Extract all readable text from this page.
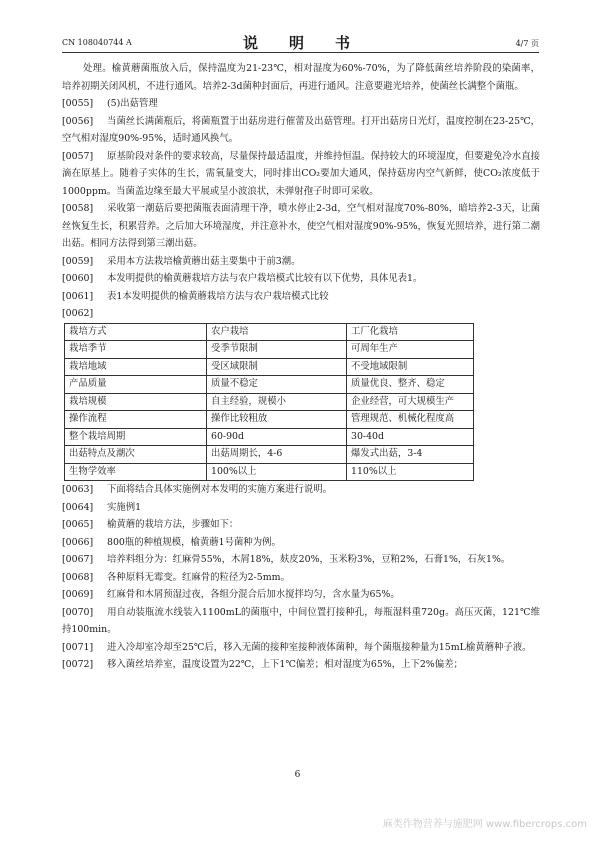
CN 108040744 A	说　明　书	4/7 页

处理。榆黄蘑菌瓶放入后，保持温度为21-23℃，相对湿度为60%-70%，为了降低菌丝培养阶段的染菌率，培养初期关闭风机，不进行通风。培养2-3d菌种封面后，再进行通风。注意要避光培养，使菌丝长满整个菌瓶。

[0055] (5)出菇管理

[0056] 当菌丝长满菌瓶后，将菌瓶置于出菇房进行催蕾及出菇管理。打开出菇房日光灯，温度控制在23-25℃，空气相对湿度90%-95%，适时通风换气。

[0057] 原基阶段对条件的要求较高，尽量保持最适温度，并维持恒温。保持较大的环境湿度，但要避免冷水直接滴在原基上。随着子实体的生长，需氧量变大，同时排出CO₂要加大通风，保持菇房内空气新鲜，使CO₂浓度低于1000ppm。当菌盖边缘至最大平展或呈小波浪状，未弹射孢子时即可采收。

[0058] 采收第一潮菇后要把菌瓶表面清理干净，喷水停止2-3d，空气相对湿度70%-80%，暗培养2-3天，让菌丝恢复生长，积累营养。之后加大环境湿度，并注意补水，使空气相对湿度90%-95%，恢复光照培养，进行第二潮出菇。相同方法得到第三潮出菇。

[0059] 采用本方法栽培榆黄蘑出菇主要集中于前3潮。

[0060] 本发明提供的榆黄蘑栽培方法与农户栽培模式比较有以下优势，具体见表1。

[0061] 表1本发明提供的榆黄蘑栽培方法与农户栽培模式比较

[0062]

栽培方式	农户栽培	工厂化栽培
栽培季节	受季节限制	可周年生产
栽培地域	受区域限制	不受地域限制
产品质量	质量不稳定	质量优良、整齐、稳定
栽培规模	自主经验，规模小	企业经营，可大规模生产
操作流程	操作比较粗放	管理规范、机械化程度高
整个栽培周期	60-90d	30-40d
出菇特点及潮次	出菇周期长，4-6	爆发式出菇，3-4
生物学效率	100%以上	110%以上

[0063] 下面将结合具体实施例对本发明的实施方案进行说明。

[0064] 实施例1

[0065] 榆黄蘑的栽培方法，步骤如下：

[0066] 800瓶的种植规模，榆黄蘑1号菌种为例。

[0067] 培养料组分为：红麻骨55%，木屑18%，麸皮20%，玉米粉3%，豆粕2%，石膏1%，石灰1%。

[0068] 各种原料无霉变。红麻骨的粒径为2-5mm。

[0069] 红麻骨和木屑预湿过夜，各组分混合后加水搅拌均匀，含水量为65%。

[0070] 用自动装瓶流水线装入1100mL的菌瓶中，中间位置打接种孔，每瓶湿料重720g。高压灭菌，121℃维持100min。

[0071] 进入冷却室冷却至25℃后，移入无菌的接种室接种液体菌种，每个菌瓶接种量为15mL榆黄蘑种子液。

[0072] 移入菌丝培养室，温度设置为22℃，上下1℃偏差；相对湿度为65%，上下2%偏差；

6
麻类作物营养与施肥网 www.fibercrops.com
